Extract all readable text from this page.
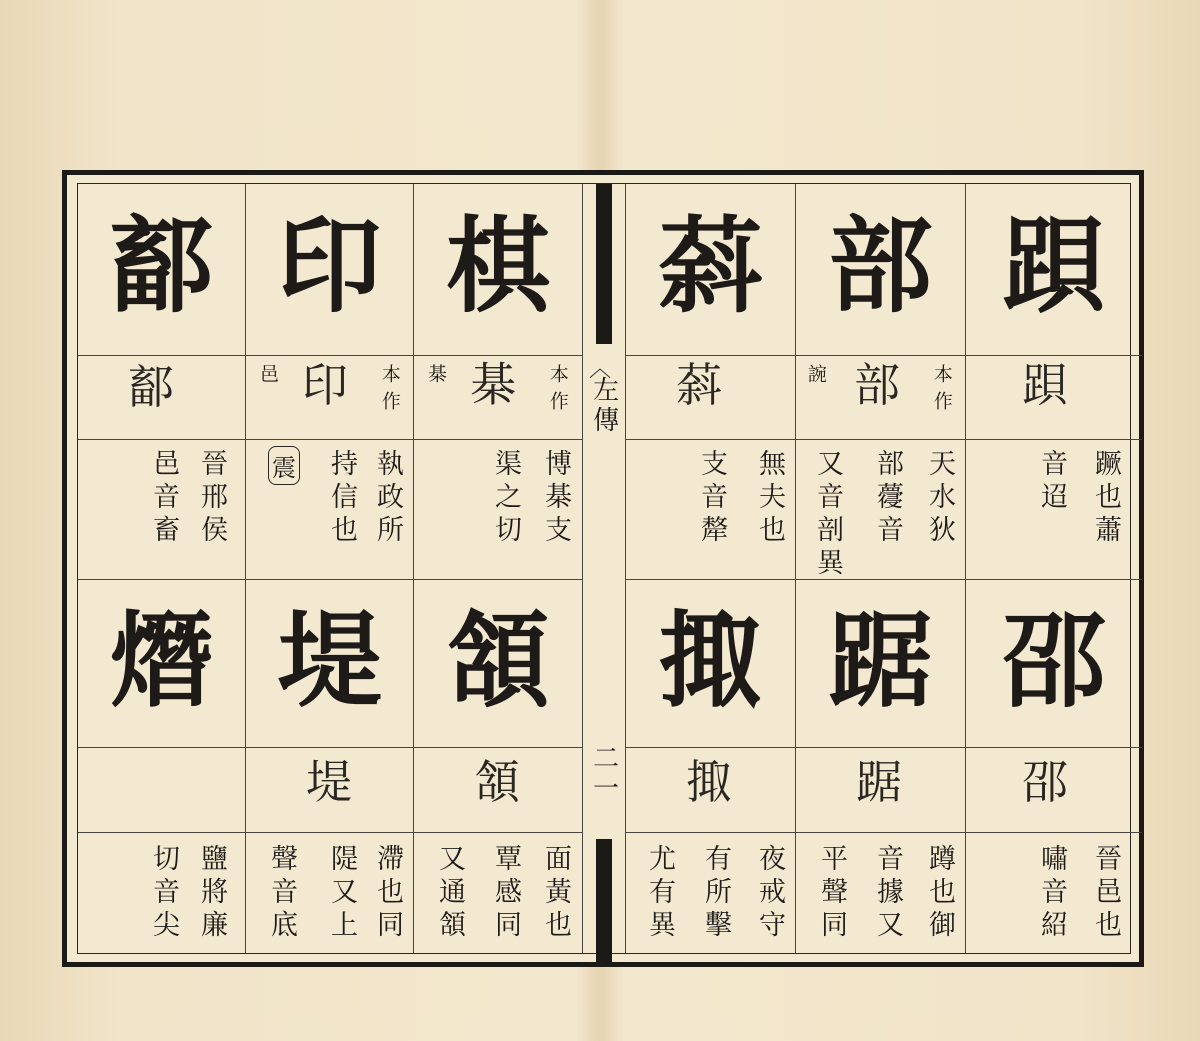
鄐
鄐
晉邢侯
邑音畜
熸
鹽將廉
切音尖
印
邑 印 本作
執政所
持信也
震
堤
堤
滯也同
隄又上
聲音底
棋
棊 棊 本作
博棊支
渠之切
頷
頷
面黃也
覃感同
又通頷
︿
左傳
二一
䔑
䔑
無夫也
支音犛
掫
掫
夜戒守
有所擊
尤有異
部
䛷 部 本作
天水狄
部蘉音
又音剖異
踞
踞
蹲也御
音據又
平聲同
䟺
䟺
蹶也蕭
音迢
邵
邵
晉邑也
嘯音紹
